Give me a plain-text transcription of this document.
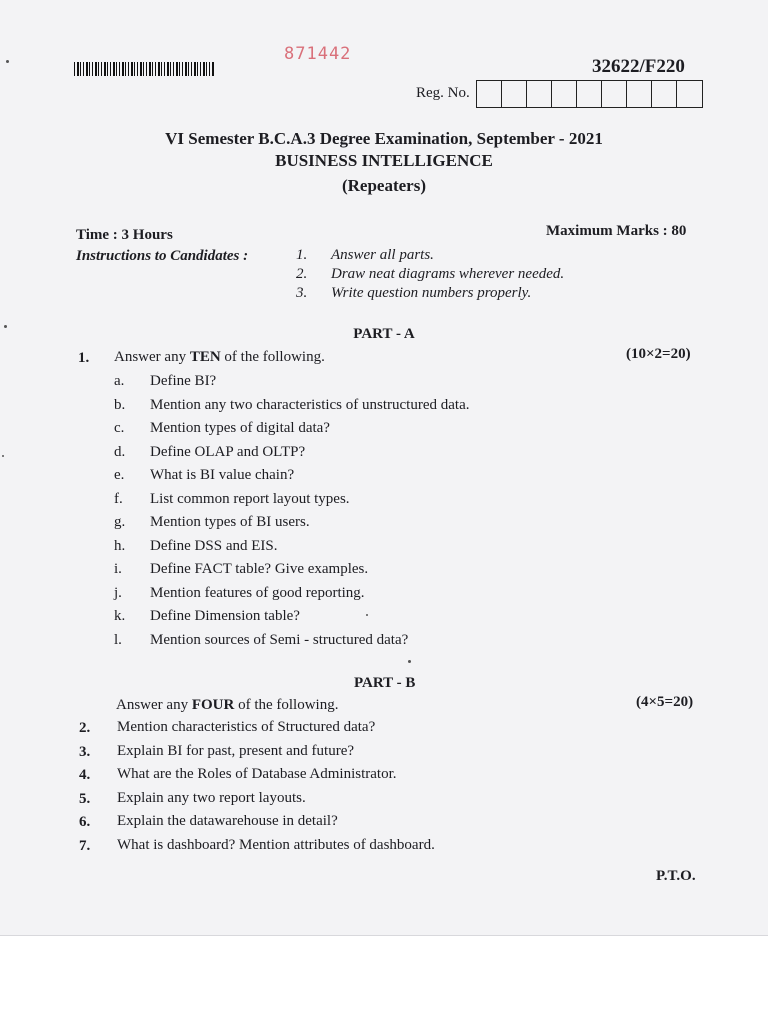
871442
32622/F220
Reg. No.
VI Semester B.C.A.3 Degree Examination, September - 2021
BUSINESS INTELLIGENCE
(Repeaters)
Time : 3 Hours	Maximum Marks : 80
Instructions to Candidates :	1. Answer all parts.
2. Draw neat diagrams wherever needed.
3. Write question numbers properly.
PART - A
1. Answer any TEN of the following.	(10×2=20)
a. Define BI?
b. Mention any two characteristics of unstructured data.
c. Mention types of digital data?
d. Define OLAP and OLTP?
e. What is BI value chain?
f. List common report layout types.
g. Mention types of BI users.
h. Define DSS and EIS.
i. Define FACT table? Give examples.
j. Mention features of good reporting.
k. Define Dimension table?
l. Mention sources of Semi - structured data?
PART - B
Answer any FOUR of the following.	(4×5=20)
2. Mention characteristics of Structured data?
3. Explain BI for past, present and future?
4. What are the Roles of Database Administrator.
5. Explain any two report layouts.
6. Explain the datawarehouse in detail?
7. What is dashboard? Mention attributes of dashboard.
P.T.O.
